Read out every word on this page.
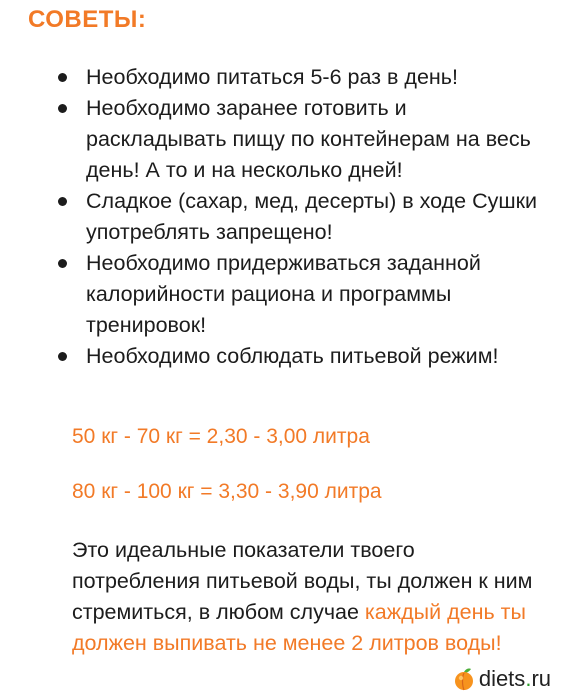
СОВЕТЫ:
Необходимо питаться 5-6 раз в день!
Необходимо заранее готовить и раскладывать пищу по контейнерам на весь день! А то и на несколько дней!
Сладкое (сахар, мед, десерты) в ходе Сушки употреблять запрещено!
Необходимо придерживаться заданной калорийности рациона и программы тренировок!
Необходимо соблюдать питьевой режим!
50 кг - 70 кг = 2,30 - 3,00 литра
80 кг - 100 кг = 3,30 - 3,90 литра

Это идеальные показатели твоего потребления питьевой воды, ты должен к ним стремиться, в любом случае каждый день ты должен выпивать не менее 2 литров воды!

diets.ru
